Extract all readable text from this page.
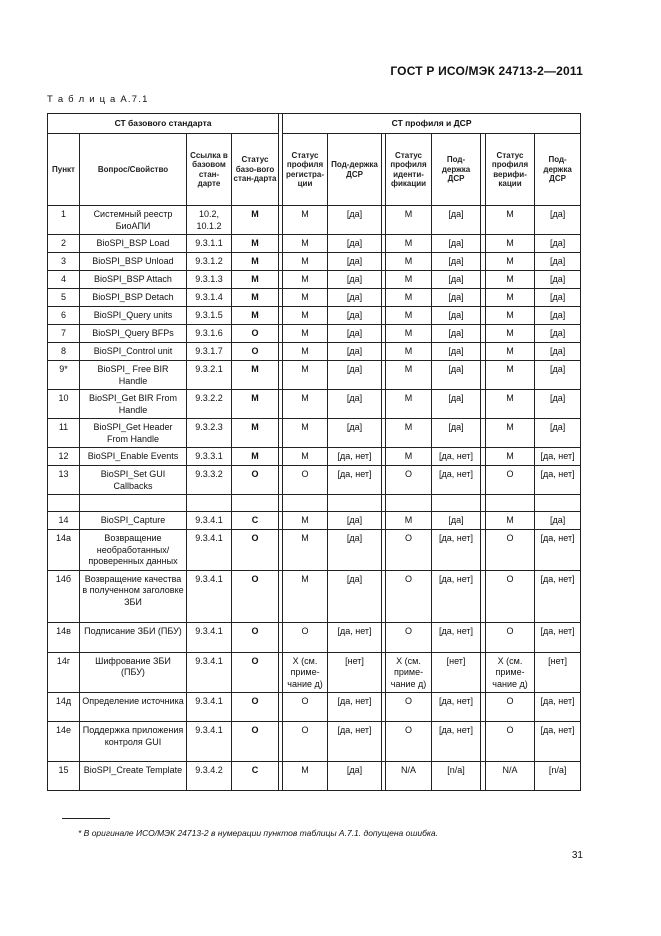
ГОСТ Р ИСО/МЭК 24713-2—2011
Т а б л и ц а А.7.1
СТ базового стандарта					СТ профиля и ДСР							
Пункт	Вопрос/Свойство	Ссылка в базовом стан-дарте	Статус базо-вого стан-дарта		Статус профиля регистра-ции	Под-держка ДСР		Статус профиля иденти-фикации	Под-держка ДСР		Статус профиля верифи-кации	Под-держка ДСР
1	Системный реестр БиоАПИ	10.2, 10.1.2	M		M	[да]		M	[да]		M	[да]
2	BioSPI_BSP Load	9.3.1.1	M		M	[да]		M	[да]		M	[да]
3	BioSPI_BSP Unload	9.3.1.2	M		M	[да]		M	[да]		M	[да]
4	BioSPI_BSP Attach	9.3.1.3	M		M	[да]		M	[да]		M	[да]
5	BioSPI_BSP Detach	9.3.1.4	M		M	[да]		M	[да]		M	[да]
6	BioSPI_Query units	9.3.1.5	M		M	[да]		M	[да]		M	[да]
7	BioSPI_Query BFPs	9.3.1.6	O		M	[да]		M	[да]		M	[да]
8	BioSPI_Control unit	9.3.1.7	O		M	[да]		M	[да]		M	[да]
9*	BioSPI_ Free BIR Handle	9.3.2.1	M		M	[да]		M	[да]		M	[да]
10	BioSPI_Get BIR From Handle	9.3.2.2	M		M	[да]		M	[да]		M	[да]
11	BioSPI_Get Header From Handle	9.3.2.3	M		M	[да]		M	[да]		M	[да]
12	BioSPI_Enable Events	9.3.3.1	M		M	[да, нет]		M	[да, нет]		M	[да, нет]
13	BioSPI_Set GUI Callbacks	9.3.3.2	O		O	[да, нет]		O	[да, нет]		O	[да, нет]

14	BioSPI_Capture	9.3.4.1	C		M	[да]		M	[да]		M	[да]
14а	Возвращение необработанных/ проверенных данных	9.3.4.1	O		M	[да]		O	[да, нет]		O	[да, нет]
14б	Возвращение качества в полученном заголовке ЗБИ	9.3.4.1	O		M	[да]		O	[да, нет]		O	[да, нет]
14в	Подписание ЗБИ (ПБУ)	9.3.4.1	O		O	[да, нет]		O	[да, нет]		O	[да, нет]
14г	Шифрование ЗБИ (ПБУ)	9.3.4.1	O		X (см. приме-чание д)	[нет]		X (см. приме-чание д)	[нет]		X (см. приме-чание д)	[нет]
14д	Определение источника	9.3.4.1	O		O	[да, нет]		O	[да, нет]		O	[да, нет]
14е	Поддержка приложения контроля GUI	9.3.4.1	O		O	[да, нет]		O	[да, нет]		O	[да, нет]
15	BioSPI_Create Template	9.3.4.2	C		M	[да]		N/A	[n/a]		N/A	[n/a]
* В оригинале ИСО/МЭК 24713-2 в нумерации пунктов таблицы А.7.1. допущена ошибка.
31
